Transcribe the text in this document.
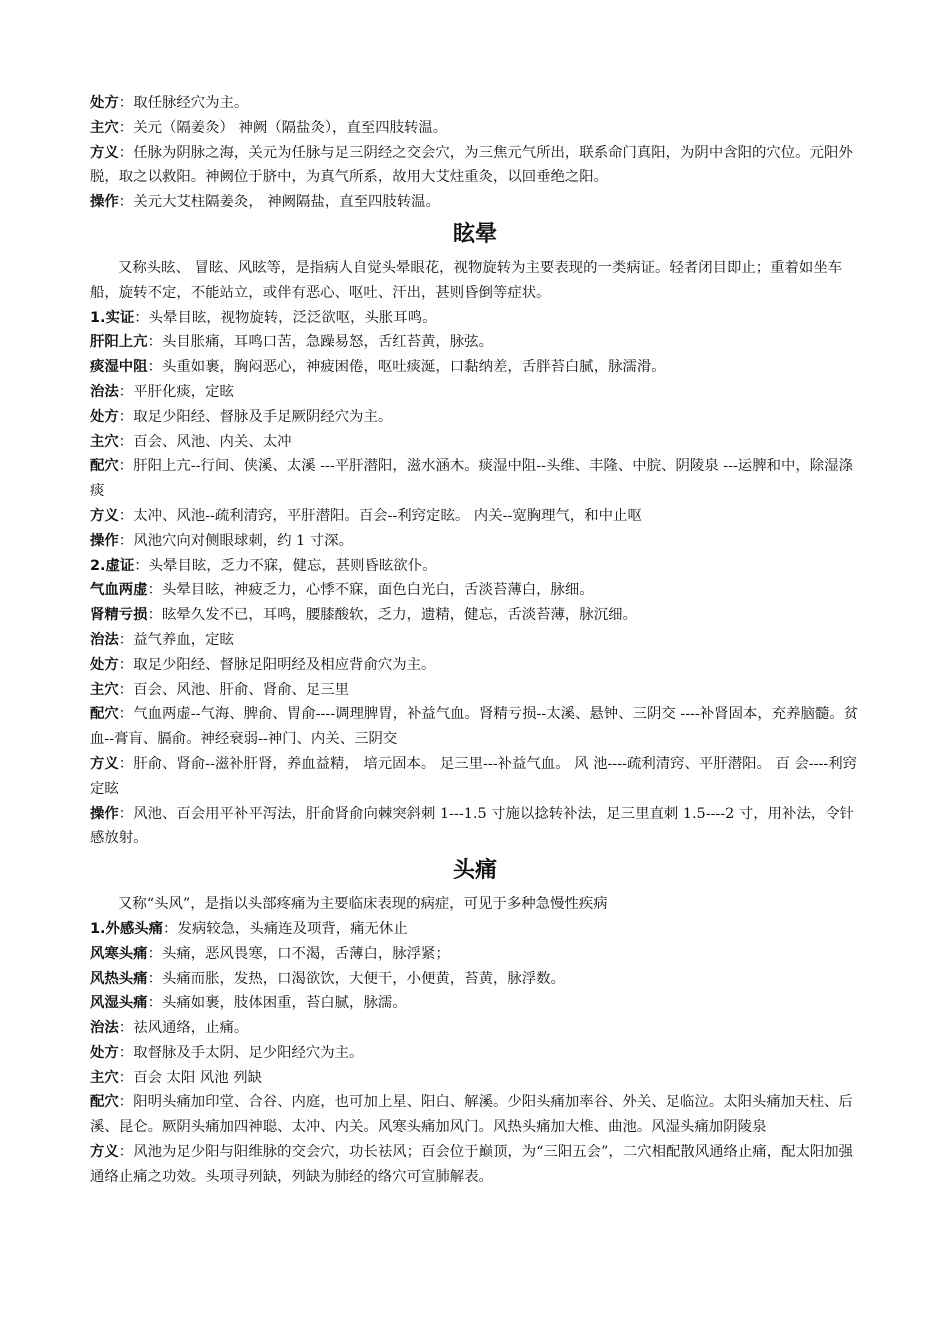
处方：取任脉经穴为主。

主穴：关元（隔姜灸） 神阙（隔盐灸），直至四肢转温。

方义：任脉为阴脉之海，关元为任脉与足三阴经之交会穴，为三焦元气所出，联系命门真阳，为阴中含阳的穴位。元阳外脱，取之以救阳。神阙位于脐中，为真气所系，故用大艾炷重灸，以回垂绝之阳。

操作：关元大艾柱隔姜灸， 神阙隔盐，直至四肢转温。

眩晕

又称头眩、 冒眩、风眩等，是指病人自觉头晕眼花，视物旋转为主要表现的一类病证。轻者闭目即止；重着如坐车船，旋转不定，不能站立，或伴有恶心、呕吐、汗出，甚则昏倒等症状。

1.实证：头晕目眩，视物旋转，泛泛欲呕，头胀耳鸣。

肝阳上亢：头目胀痛，耳鸣口苦，急躁易怒，舌红苔黄，脉弦。

痰湿中阻：头重如裹，胸闷恶心，神疲困倦，呕吐痰涎，口黏纳差，舌胖苔白腻，脉濡滑。

治法：平肝化痰，定眩

处方：取足少阳经、督脉及手足厥阴经穴为主。

主穴：百会、风池、内关、太冲

配穴：肝阳上亢--行间、侠溪、太溪 ---平肝潜阳，滋水涵木。痰湿中阻--头维、丰隆、中脘、阴陵泉 ---运脾和中，除湿涤痰

方义：太冲、风池--疏利清窍，平肝潜阳。百会--利窍定眩。 内关--宽胸理气，和中止呕

操作：风池穴向对侧眼球刺，约 1 寸深。

2.虚证：头晕目眩，乏力不寐，健忘，甚则昏眩欲仆。

气血两虚：头晕目眩，神疲乏力，心悸不寐，面色白光白，舌淡苔薄白，脉细。

肾精亏损：眩晕久发不已，耳鸣，腰膝酸软，乏力，遗精，健忘，舌淡苔薄，脉沉细。

治法：益气养血，定眩

处方：取足少阳经、督脉足阳明经及相应背俞穴为主。

主穴：百会、风池、肝俞、肾俞、足三里

配穴：气血两虚--气海、脾俞、胃俞----调理脾胃，补益气血。肾精亏损--太溪、悬钟、三阴交 ----补肾固本，充养脑髓。贫血--膏肓、膈俞。神经衰弱--神门、内关、三阴交

方义：肝俞、肾俞--滋补肝肾，养血益精， 培元固本。 足三里---补益气血。 风 池----疏利清窍、平肝潜阳。 百 会----利窍定眩

操作：风池、百会用平补平泻法，肝俞肾俞向棘突斜刺 1---1.5 寸施以捻转补法，足三里直刺 1.5----2 寸，用补法，令针感放射。

头痛

又称“头风”，是指以头部疼痛为主要临床表现的病症，可见于多种急慢性疾病

1.外感头痛：发病较急，头痛连及项背，痛无休止

风寒头痛：头痛，恶风畏寒，口不渴，舌薄白，脉浮紧；

风热头痛：头痛而胀，发热，口渴欲饮，大便干，小便黄，苔黄，脉浮数。

风湿头痛：头痛如裹，肢体困重，苔白腻，脉濡。

治法：祛风通络，止痛。

处方：取督脉及手太阴、足少阳经穴为主。

主穴：百会 太阳 风池 列缺

配穴：阳明头痛加印堂、合谷、内庭，也可加上星、阳白、解溪。少阳头痛加率谷、外关、足临泣。太阳头痛加天柱、后溪、昆仑。厥阴头痛加四神聪、太冲、内关。风寒头痛加风门。风热头痛加大椎、曲池。风湿头痛加阴陵泉

方义：风池为足少阳与阳维脉的交会穴，功长祛风；百会位于巅顶，为“三阳五会”，二穴相配散风通络止痛，配太阳加强通络止痛之功效。头项寻列缺，列缺为肺经的络穴可宣肺解表。
